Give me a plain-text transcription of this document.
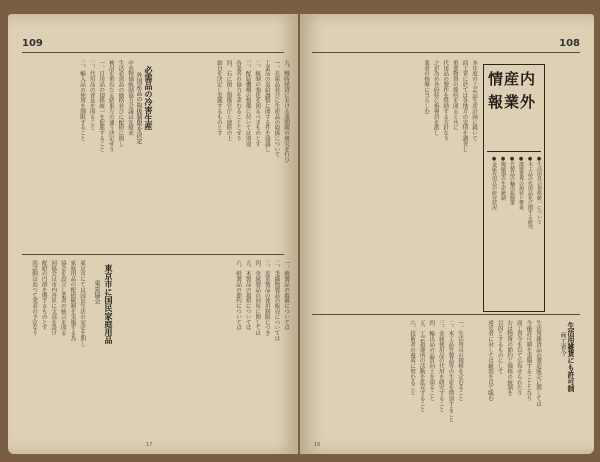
109
九、戦時経済における諸問題の研究を行ひ
一、在庫品並びに生産品の取扱について
工業品の需給調整に関する件を協議し
二、統制の強化を図るべきものとす
三、配給機構の整備に付いては別途
各業者の協力を求むることとせり
四、右に関し関係官庁と連絡の上
細目を決定し実施するものとす
中央物価統制協力会議は先般来
生活必需品の価格並びに配給に関し
検討を重ねたる結果左の通り決定せり
一、日用品の規格統一を促進すること
二、代用品の普及を図ること
三、輸入品の使用を制限すること	必需品の冷害生産
外国産品の取扱制限を決定
東京市に国民家庭用品
東京協会	一、綿製品の取扱については
二、毛織物製品の販売については
三、皮革製品の使用制限につき
四、金属製品の回収に関しては
五、木製品の規格については
六、紙製品の節約については
東京市にては国民生活の安定を期し
家庭用品の配給統制を実施する為
協会を設立し業者の統合を図る
同協会は市内各区に支部を設け
配給の円滑を期するものとす
尚詳細は追つて発表の予定なり
17
108
内外
産業
情報
●生活用具の規格統一について
●木工品の代用品化に関する研究
●漆器業界の現状と将来
●竹製品の輸出振興策
●陶磁器の生産統制
●金属代用品の研究状況
本年度の工芸品生産計画に就いて
商工省に於ては各地方の実情を調査し
重要物資の節約を図ると共に
代用品の製作を奨励する方針なり
之が為め各府県に指導員を派し
業者の指導に当らしむ
生活用雑貨にも許可制
商工省令
生活用雑貨品の製造販売に関しては
今後許可制を実施することとなり
商工省令を以て公布せられたり
右は物資の節約と価格の統制を
目的とするものにして
違反者に対しては厳罰を以て臨む
一、生活用具の規格を定むること
二、木工品竹製品等の生産を増加すること
三、金属使用品の代用を研究すること
四、輸出品の品質向上を図ること
五、工芸指導所の活動を拡充すること
六、技術者の養成に努むること
16
